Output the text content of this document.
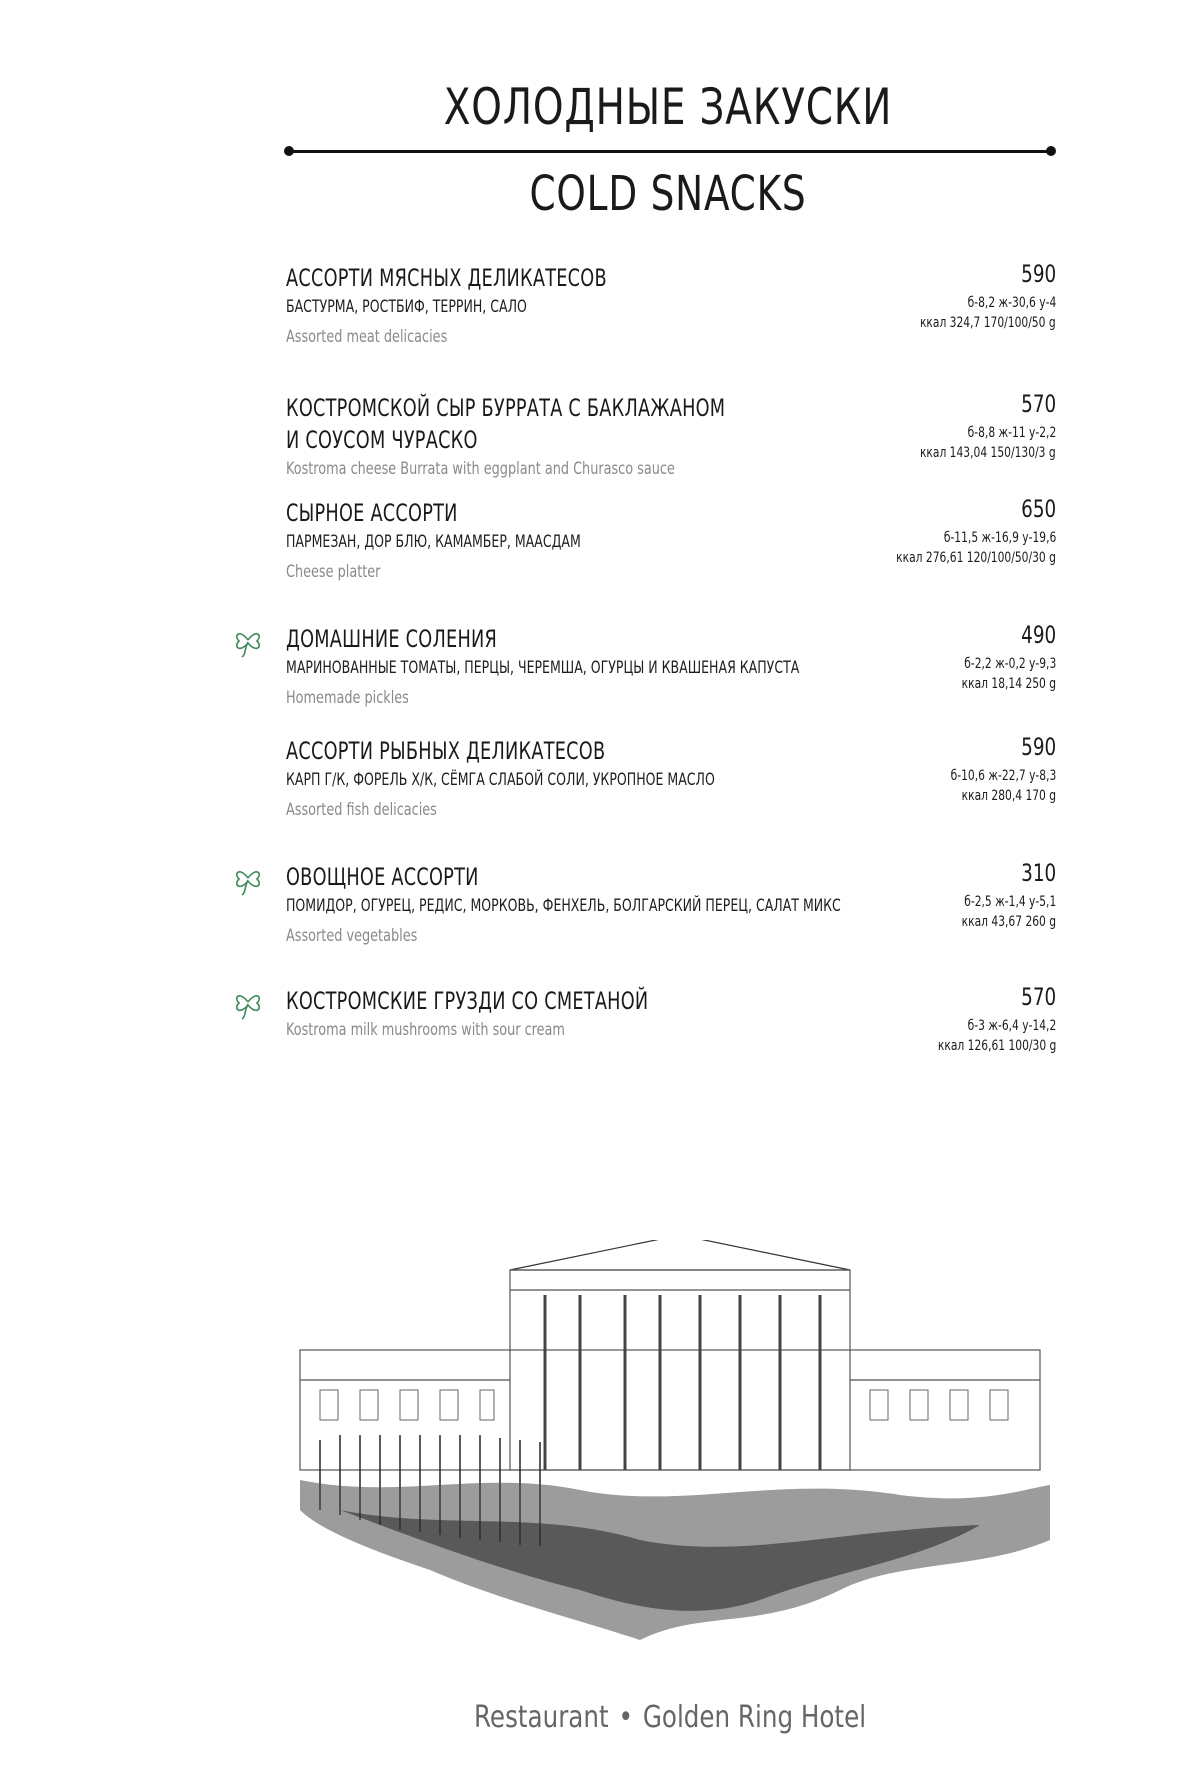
ХОЛОДНЫЕ ЗАКУСКИ
COLD SNACKS
АССОРТИ МЯСНЫХ ДЕЛИКАТЕСОВ
БАСТУРМА, РОСТБИФ, ТЕРРИН, САЛО
Assorted meat delicacies
590
б-8,2 ж-30,6 у-4
ккал 324,7 170/100/50 g
КОСТРОМСКОЙ СЫР БУРРАТА С БАКЛАЖАНОМ
И СОУСОМ ЧУРАСКО
Kostroma cheese Burrata with eggplant and Churasco sauce
570
б-8,8 ж-11 у-2,2
ккал 143,04 150/130/3 g
СЫРНОЕ АССОРТИ
ПАРМЕЗАН, ДОР БЛЮ, КАМАМБЕР, МААСДАМ
Cheese platter
650
б-11,5 ж-16,9 у-19,6
ккал 276,61 120/100/50/30 g
ДОМАШНИЕ СОЛЕНИЯ
МАРИНОВАННЫЕ ТОМАТЫ, ПЕРЦЫ, ЧЕРЕМША, ОГУРЦЫ И КВАШЕНАЯ КАПУСТА
Homemade pickles
490
б-2,2 ж-0,2 у-9,3
ккал 18,14 250 g
АССОРТИ РЫБНЫХ ДЕЛИКАТЕСОВ
КАРП Г/К, ФОРЕЛЬ Х/К, СЁМГА СЛАБОЙ СОЛИ, УКРОПНОЕ МАСЛО
Assorted fish delicacies
590
б-10,6 ж-22,7 у-8,3
ккал 280,4 170 g
ОВОЩНОЕ АССОРТИ
ПОМИДОР, ОГУРЕЦ, РЕДИС, МОРКОВЬ, ФЕНХЕЛЬ, БОЛГАРСКИЙ ПЕРЕЦ, САЛАТ МИКС
Assorted vegetables
310
б-2,5 ж-1,4 у-5,1
ккал 43,67 260 g
КОСТРОМСКИЕ ГРУЗДИ СО СМЕТАНОЙ
Kostroma milk mushrooms with sour cream
570
б-3 ж-6,4 у-14,2
ккал 126,61 100/30 g
Restaurant • Golden Ring Hotel
